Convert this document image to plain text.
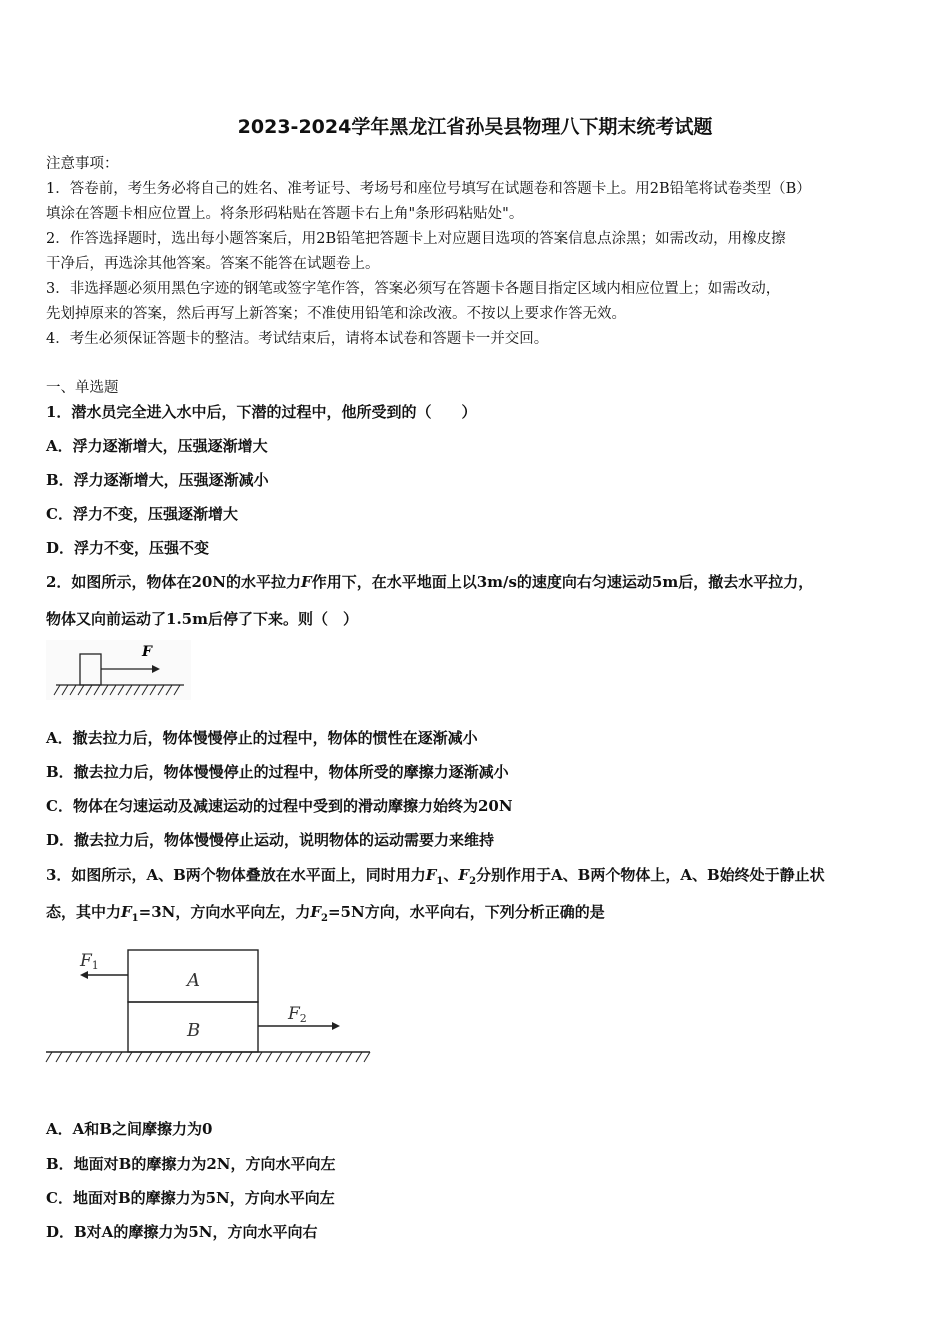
2023-2024学年黑龙江省孙吴县物理八下期末统考试题
注意事项：
1．答卷前，考生务必将自己的姓名、准考证号、考场号和座位号填写在试题卷和答题卡上。用2B铅笔将试卷类型（B）
填涂在答题卡相应位置上。将条形码粘贴在答题卡右上角"条形码粘贴处"。
2．作答选择题时，选出每小题答案后，用2B铅笔把答题卡上对应题目选项的答案信息点涂黑；如需改动，用橡皮擦
干净后，再选涂其他答案。答案不能答在试题卷上。
3．非选择题必须用黑色字迹的钢笔或签字笔作答，答案必须写在答题卡各题目指定区域内相应位置上；如需改动，
先划掉原来的答案，然后再写上新答案；不准使用铅笔和涂改液。不按以上要求作答无效。
4．考生必须保证答题卡的整洁。考试结束后，请将本试卷和答题卡一并交回。
一、单选题
1．潜水员完全进入水中后，下潜的过程中，他所受到的（　　）
A．浮力逐渐增大，压强逐渐增大
B．浮力逐渐增大，压强逐渐减小
C．浮力不变，压强逐渐增大
D．浮力不变，压强不变
2．如图所示，物体在20N的水平拉力F作用下，在水平地面上以3m/s的速度向右匀速运动5m后，撤去水平拉力，
物体又向前运动了1.5m后停了下来。则（　）
F
A．撤去拉力后，物体慢慢停止的过程中，物体的惯性在逐渐减小
B．撤去拉力后，物体慢慢停止的过程中，物体所受的摩擦力逐渐减小
C．物体在匀速运动及减速运动的过程中受到的滑动摩擦力始终为20N
D．撤去拉力后，物体慢慢停止运动，说明物体的运动需要力来维持
3．如图所示，A、B两个物体叠放在水平面上，同时用力$F_1$、$F_2$分别作用于A、B两个物体上，A、B始终处于静止状
态，其中力$F_1=3N$，方向水平向左，力$F_2=5N$方向，水平向右，下列分析正确的是
A
B
F1
F2
A．A和B之间摩擦力为0
B．地面对B的摩擦力为2N，方向水平向左
C．地面对B的摩擦力为5N，方向水平向左
D．B对A的摩擦力为5N，方向水平向右
